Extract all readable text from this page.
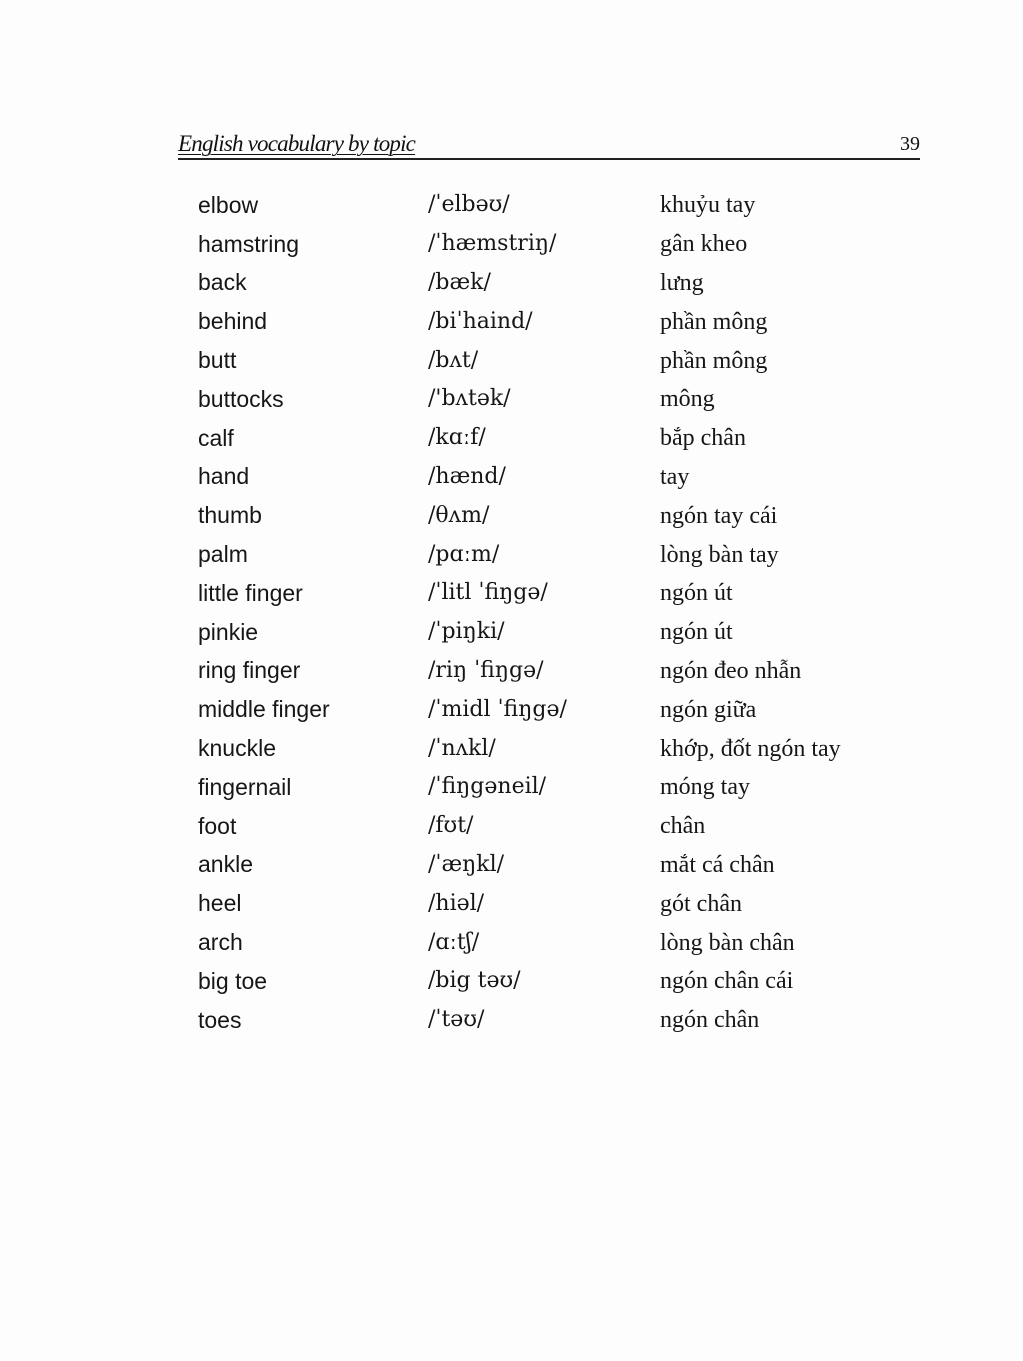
English vocabulary by topic	39
elbow	/ˈelbəʊ/	khuỷu tay
hamstring	/ˈhæmstriŋ/	gân kheo
back	/bæk/	lưng
behind	/biˈhaind/	phần mông
butt	/bʌt/	phần mông
buttocks	/'bʌtək/	mông
calf	/kɑːf/	bắp chân
hand	/hænd/	tay
thumb	/θʌm/	ngón tay cái
palm	/pɑːm/	lòng bàn tay
little finger	/ˈlitl ˈfiŋgə/	ngón út
pinkie	/ˈpiŋki/	ngón út
ring finger	/riŋ ˈfiŋgə/	ngón đeo nhẫn
middle finger	/ˈmidl ˈfiŋgə/	ngón giữa
knuckle	/ˈnʌkl/	khớp, đốt ngón tay
fingernail	/ˈfiŋgəneil/	móng tay
foot	/fʊt/	chân
ankle	/ˈæŋkl/	mắt cá chân
heel	/hiəl/	gót chân
arch	/ɑːtʃ/	lòng bàn chân
big toe	/big təʊ/	ngón chân cái
toes	/ˈtəʊ/	ngón chân
